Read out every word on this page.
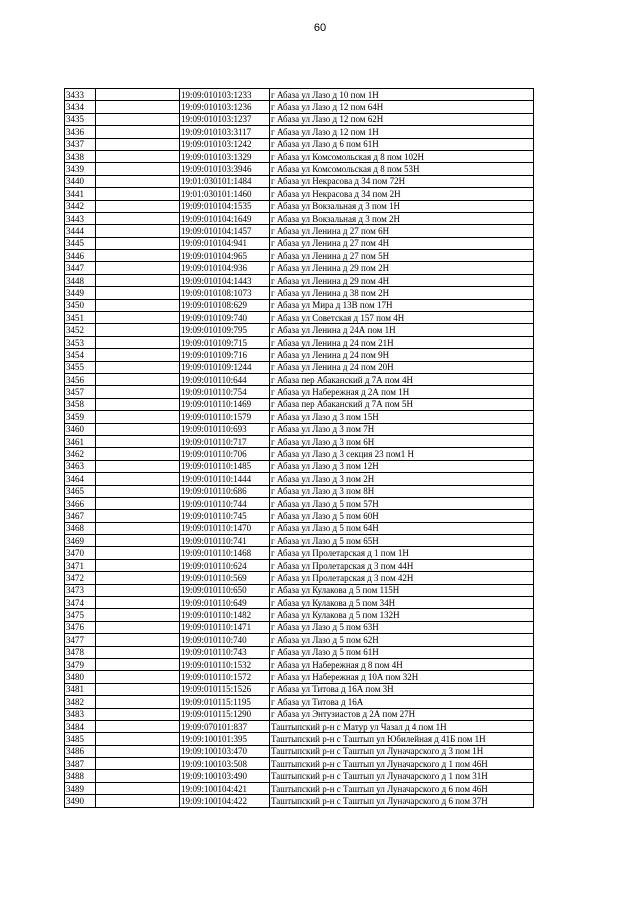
60
3433		19:09:010103:1233	г Абаза ул Лазо д 10 пом 1Н
3434		19:09:010103:1236	г Абаза ул Лазо д 12 пом 64Н
3435		19:09:010103:1237	г Абаза ул Лазо д 12 пом 62Н
3436		19:09:010103:3117	г Абаза ул Лазо д 12 пом 1Н
3437		19:09:010103:1242	г Абаза ул Лазо д 6 пом 61Н
3438		19:09:010103:1329	г Абаза ул Комсомольская д 8 пом 102Н
3439		19:09:010103:3946	г Абаза ул Комсомольская д 8 пом 53Н
3440		19:01:030101:1484	г Абаза ул Некрасова д 34 пом 72Н
3441		19:01:030101:1460	г Абаза ул Некрасова д 34 пом 2Н
3442		19:09:010104:1535	г Абаза ул Вокзальная д 3 пом 1Н
3443		19:09:010104:1649	г Абаза ул Вокзальная д 3 пом 2Н
3444		19:09:010104:1457	г Абаза ул Ленина д 27 пом 6Н
3445		19:09:010104:941	г Абаза ул Ленина д 27 пом 4Н
3446		19:09:010104:965	г Абаза ул Ленина д 27 пом 5Н
3447		19:09:010104:936	г Абаза ул Ленина д 29 пом 2Н
3448		19:09:010104:1443	г Абаза ул Ленина д 29 пом 4Н
3449		19:09:010108:1073	г Абаза ул Ленина д 38 пом 2Н
3450		19:09:010108:629	г Абаза ул Мира д 13В пом 17Н
3451		19:09:010109:740	г Абаза ул Советская д 157 пом 4Н
3452		19:09:010109:795	г Абаза ул Ленина д 24А пом 1Н
3453		19:09:010109:715	г Абаза ул Ленина д 24 пом 21Н
3454		19:09:010109:716	г Абаза ул Ленина д 24 пом 9Н
3455		19:09:010109:1244	г Абаза ул Ленина д 24 пом 20Н
3456		19:09:010110:644	г Абаза пер Абаканский д 7А пом 4Н
3457		19:09:010110:754	г Абаза ул Набережная д 2А пом 1Н
3458		19:09:010110:1469	г Абаза пер Абаканский д 7А пом 5Н
3459		19:09:010110:1579	г Абаза ул Лазо д 3 пом 15Н
3460		19:09:010110:693	г Абаза ул Лазо д 3 пом 7Н
3461		19:09:010110:717	г Абаза ул Лазо д 3 пом 6Н
3462		19:09:010110:706	г Абаза ул Лазо д 3 секция 23 пом1 Н
3463		19:09:010110:1485	г Абаза ул Лазо д 3 пом 12Н
3464		19:09:010110:1444	г Абаза ул Лазо д 3 пом 2Н
3465		19:09:010110:686	г Абаза ул Лазо д 3 пом 8Н
3466		19:09:010110:744	г Абаза ул Лазо д 5 пом 57Н
3467		19:09:010110:745	г Абаза ул Лазо д 5 пом 60Н
3468		19:09:010110:1470	г Абаза ул Лазо д 5 пом 64Н
3469		19:09:010110:741	г Абаза ул Лазо д 5 пом 65Н
3470		19:09:010110:1468	г Абаза ул Пролетарская д 1 пом 1Н
3471		19:09:010110:624	г Абаза ул Пролетарская д 3 пом 44Н
3472		19:09:010110:569	г Абаза ул Пролетарская д 3 пом 42Н
3473		19:09:010110:650	г Абаза ул Кулакова д 5 пом 115Н
3474		19:09:010110:649	г Абаза ул Кулакова д 5 пом 34Н
3475		19:09:010110:1482	г Абаза ул Кулакова д 5 пом 132Н
3476		19:09:010110:1471	г Абаза ул Лазо д 5 пом 63Н
3477		19:09:010110:740	г Абаза ул Лазо д 5 пом 62Н
3478		19:09:010110:743	г Абаза ул Лазо д 5 пом 61Н
3479		19:09:010110:1532	г Абаза ул Набережная д 8 пом 4Н
3480		19:09:010110:1572	г Абаза ул Набережная д 10А пом 32Н
3481		19:09:010115:1526	г Абаза ул Титова д 16А пом 3Н
3482		19:09:010115:1195	г Абаза ул Титова д 16А
3483		19:09:010115:1290	г Абаза ул Энтузиастов д 2А пом 27Н
3484		19:09:070101:837	Таштыпский р-н с Матур ул Чазал д 4 пом 1Н
3485		19:09:100101:395	Таштыпский р-н с Таштып ул Юбилейная д 41Б пом 1Н
3486		19:09:100103:470	Таштыпский р-н с Таштып ул Луначарского д 3 пом 1Н
3487		19:09:100103:508	Таштыпский р-н с Таштып ул Луначарского д 1 пом 46Н
3488		19:09:100103:490	Таштыпский р-н с Таштып ул Луначарского д 1 пом 31Н
3489		19:09:100104:421	Таштыпский р-н с Таштып ул Луначарского д 6 пом 46Н
3490		19:09:100104:422	Таштыпский р-н с Таштып ул Луначарского д 6 пом 37Н
